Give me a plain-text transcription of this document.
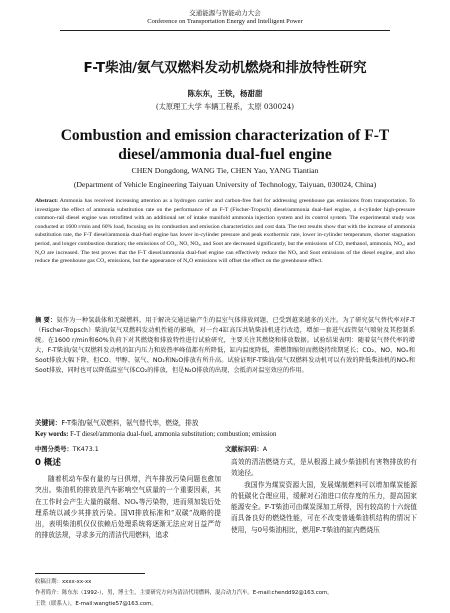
交通能源与智能动力大会
Conference on Transportation Energy and Intelligent Power
F-T柴油/氨气双燃料发动机燃烧和排放特性研究
陈东东，王铁，杨甜甜
(太原理工大学 车辆工程系，太原 030024)
Combustion and emission characterization of F-T diesel/ammonia dual-fuel engine
CHEN Dongdong, WANG Tie, CHEN Yao, YANG Tiantian
(Department of Vehicle Engineering Taiyuan University of Technology, Taiyuan, 030024, China)
Abstract: Ammonia has received increasing attention as a hydrogen carrier and carbon-free fuel for addressing greenhouse gas emissions from transportation. To investigate the effect of ammonia substitution rate on the performance of an F-T (Fischer-Tropsch) diesel/ammonia dual-fuel engine, a 4-cylinder high-pressure common-rail diesel engine was retrofitted with an additional set of intake manifold ammonia injection system and its control system. The experimental study was conducted at 1600 r/min and 60% load, focusing on its combustion and emission characteristics and cost data. The test results show that with the increase of ammonia substitution rate, the F-T diesel/ammonia dual-fuel engine has lower in-cylinder pressure and peak exothermic rate, lower in-cylinder temperature, shorter stagnation period, and longer combustion duration; the emissions of CO₂, NO, NOₓ, and Soot are decreased significantly, but the emissions of CO, methanol, ammonia, NO₂, and N₂O are increased. The test proves that the F-T diesel/ammonia dual-fuel engine can effectively reduce the NOₓ and Soot emissions of the diesel engine, and also reduce the greenhouse gas CO₂ emissions, but the appearance of N₂O emissions will offset the effect on the greenhouse effect.
摘 要：氨作为一种氢载体和无碳燃料，用于解决交通运输产生的温室气体排放问题，已受到越来越多的关注。为了研究氨气替代率对F-T（Fischer-Tropsch）柴油/氨气双燃料发动机性能的影响，对一台4缸高压共轨柴油机进行改造，增加一套进气歧管氨气喷射及其控制系统。在1600 r/min和60%负荷下对其燃烧和排放特性进行试验研究，主要关注其燃烧和排放数据。试验结果表明：随着氨气替代率的增大，F-T柴油/氨气双燃料发动机的缸内压力和放热率峰值都有所降低，缸内温度降低，滞燃期缩短而燃烧持续期延长；CO₂、NO、NOₓ和Soot排放大幅下降，但CO、甲醇、氨气、NO₂和N₂O排放有所升高。试验证明F-T柴油/氨气双燃料发动机可以有效的降低柴油机的NOₓ和Soot排放，同时也可以降低温室气体CO₂的排放，但是N₂O排放的出现，会抵消对温室效应的作用。
关键词：F-T柴油/氨气双燃料，氨气替代率，燃烧，排放
Key words: F-T diesel/ammonia dual-fuel, ammonia substitution; combustion; emission
中图分类号：TK473.1	文献标识码：A
0 概述

随着机动车保有量的与日俱增，汽车排放污染问题也愈加突出。柴油机的排放是汽车影响空气质量的一个重要因素，其在工作时会产生大量的碳烟、NOₓ等污染物，进而须加装后处理系统以减少其排放污染。国Ⅵ排放标准和“双碳”战略的提出，表明柴油机仅仅依赖后处理系统将逐渐无法应对日益严苛的排放法规，寻求多元的清洁代用燃料，追求

高效的清洁燃烧方式，是从根源上减少柴油机有害物排放的有效途径。

我国作为煤炭资源大国，发展煤制燃料可以增加煤炭能源的低碳化合理应用，缓解对石油进口依存度的压力，提高国家能源安全。F-T柴油可由煤炭深加工所得，因有较高的十六烷值而具备良好的燃烧性能，可在不改变普通柴油机结构的情况下使用，与0号柴油相比，燃用F-T柴油的缸内燃烧压

收稿日期：xxxx-xx-xx
作者简介：陈东东（1992-），男，博士生，主要研究方向为清洁代用燃料，混合动力汽车。E-mail:chendd92@163.com。
王铁（联系人），E-mail:wangtie57@163.com。
